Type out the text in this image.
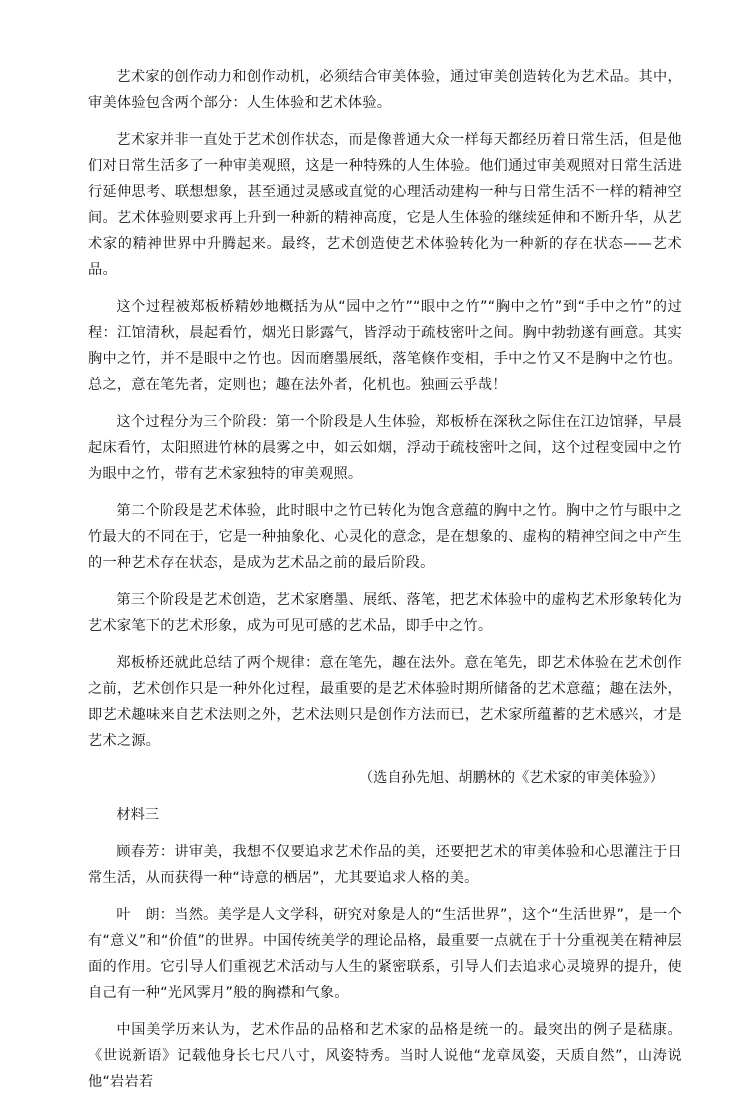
艺术家的创作动力和创作动机，必须结合审美体验，通过审美创造转化为艺术品。其中，审美体验包含两个部分：人生体验和艺术体验。

艺术家并非一直处于艺术创作状态，而是像普通大众一样每天都经历着日常生活，但是他们对日常生活多了一种审美观照，这是一种特殊的人生体验。他们通过审美观照对日常生活进行延伸思考、联想想象，甚至通过灵感或直觉的心理活动建构一种与日常生活不一样的精神空间。艺术体验则要求再上升到一种新的精神高度，它是人生体验的继续延伸和不断升华，从艺术家的精神世界中升腾起来。最终，艺术创造使艺术体验转化为一种新的存在状态——艺术品。

这个过程被郑板桥精妙地概括为从“园中之竹”“眼中之竹”“胸中之竹”到“手中之竹”的过程：江馆清秋，晨起看竹，烟光日影露气，皆浮动于疏枝密叶之间。胸中勃勃遂有画意。其实胸中之竹，并不是眼中之竹也。因而磨墨展纸，落笔倏作变相，手中之竹又不是胸中之竹也。总之，意在笔先者，定则也；趣在法外者，化机也。独画云乎哉！

这个过程分为三个阶段：第一个阶段是人生体验，郑板桥在深秋之际住在江边馆驿，早晨起床看竹，太阳照进竹林的晨雾之中，如云如烟，浮动于疏枝密叶之间，这个过程变园中之竹为眼中之竹，带有艺术家独特的审美观照。

第二个阶段是艺术体验，此时眼中之竹已转化为饱含意蕴的胸中之竹。胸中之竹与眼中之竹最大的不同在于，它是一种抽象化、心灵化的意念，是在想象的、虚构的精神空间之中产生的一种艺术存在状态，是成为艺术品之前的最后阶段。

第三个阶段是艺术创造，艺术家磨墨、展纸、落笔，把艺术体验中的虚构艺术形象转化为艺术家笔下的艺术形象，成为可见可感的艺术品，即手中之竹。

郑板桥还就此总结了两个规律：意在笔先，趣在法外。意在笔先，即艺术体验在艺术创作之前，艺术创作只是一种外化过程，最重要的是艺术体验时期所储备的艺术意蕴；趣在法外，即艺术趣味来自艺术法则之外，艺术法则只是创作方法而已，艺术家所蕴蓄的艺术感兴，才是艺术之源。

（选自孙先旭、胡鹏林的《艺术家的审美体验》）

材料三

顾春芳：讲审美，我想不仅要追求艺术作品的美，还要把艺术的审美体验和心思灌注于日常生活，从而获得一种“诗意的栖居”，尤其要追求人格的美。

叶　朗：当然。美学是人文学科，研究对象是人的“生活世界”，这个“生活世界”，是一个有“意义”和“价值”的世界。中国传统美学的理论品格，最重要一点就在于十分重视美在精神层面的作用。它引导人们重视艺术活动与人生的紧密联系，引导人们去追求心灵境界的提升，使自己有一种“光风霁月”般的胸襟和气象。

中国美学历来认为，艺术作品的品格和艺术家的品格是统一的。最突出的例子是嵇康。《世说新语》记载他身长七尺八寸，风姿特秀。当时人说他“龙章凤姿，天质自然”，山涛说他“岩岩若
